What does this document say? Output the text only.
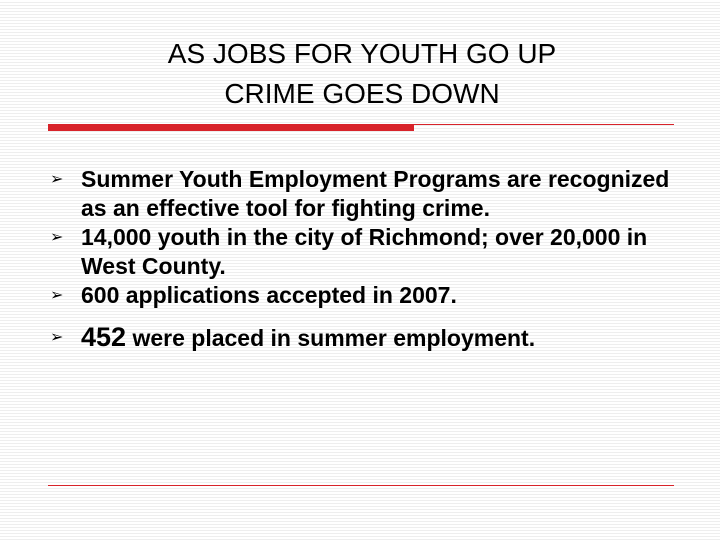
AS JOBS FOR YOUTH GO UP
CRIME GOES DOWN
➢ Summer Youth Employment Programs are recognized as an effective tool for fighting crime.
➢ 14,000 youth in the city of Richmond; over 20,000 in West County.
➢ 600 applications accepted in 2007.
➢ 452 were placed in summer employment.
